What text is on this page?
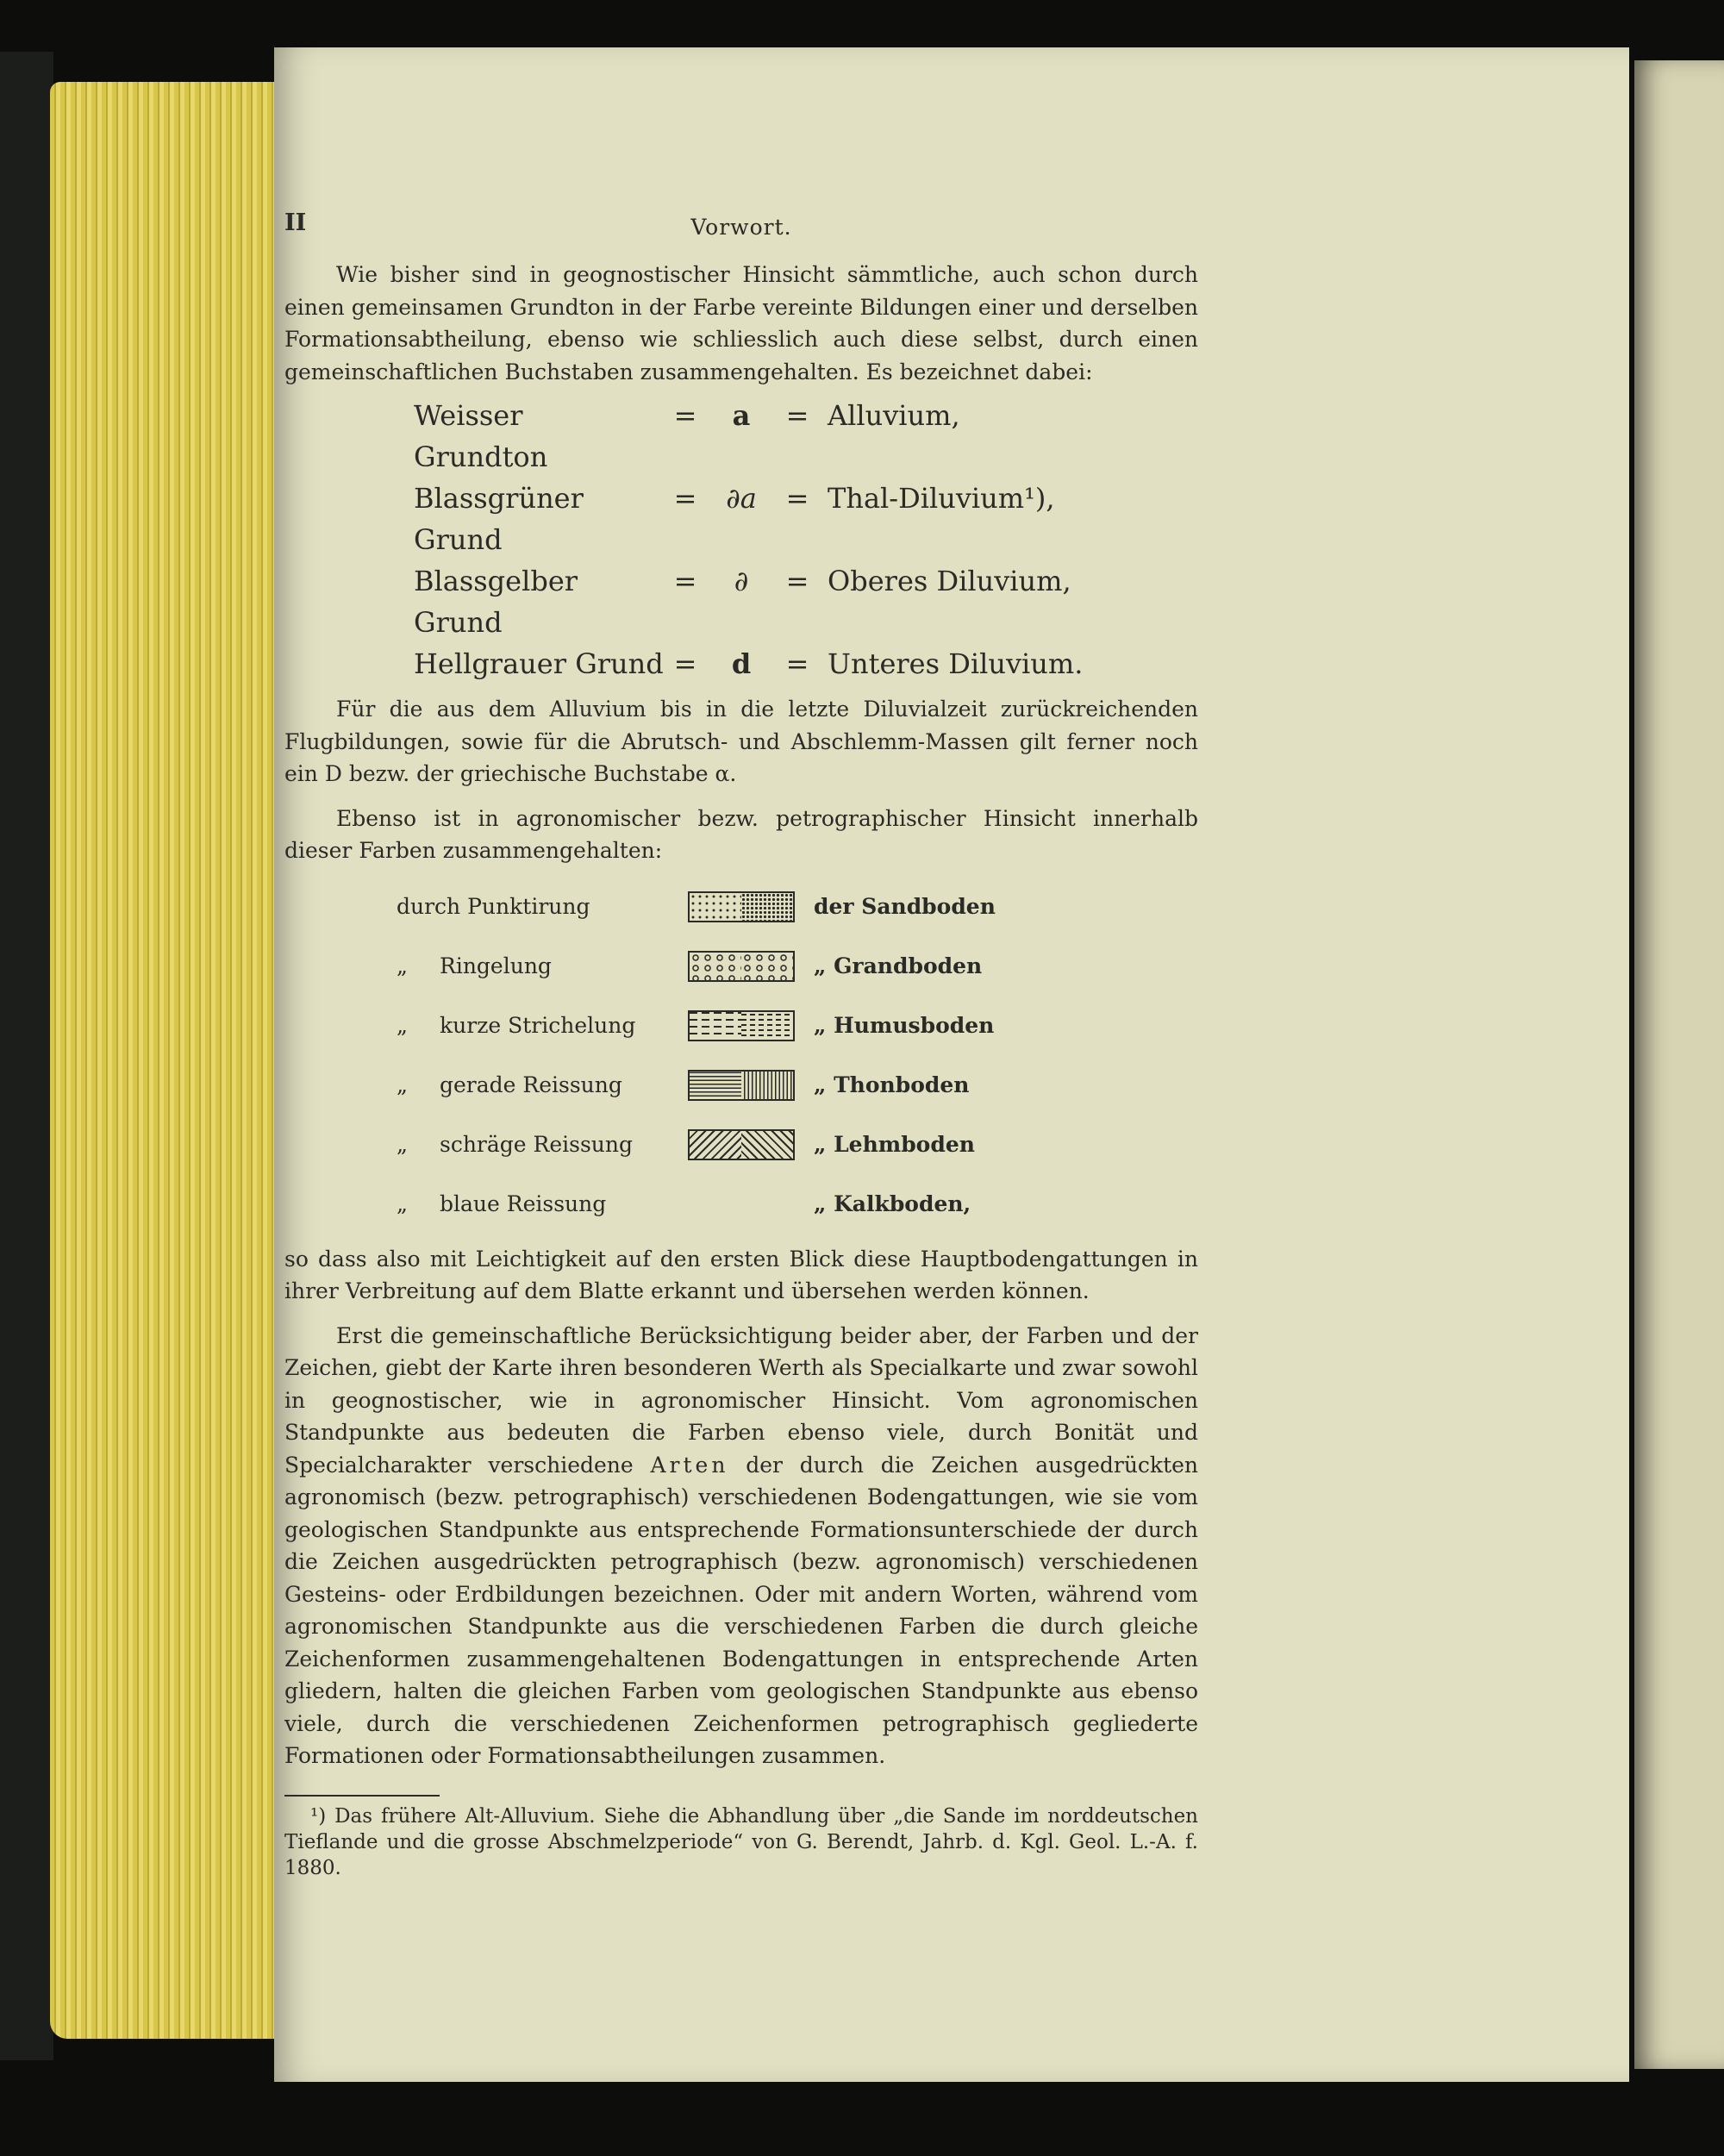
II	Vorwort.

Wie bisher sind in geognostischer Hinsicht sämmtliche, auch schon durch einen gemeinsamen Grundton in der Farbe vereinte Bildungen einer und derselben Formationsabtheilung, ebenso wie schliesslich auch diese selbst, durch einen gemeinschaftlichen Buchstaben zusammengehalten. Es bezeichnet dabei:

Weisser Grundton
=	a	= Alluvium,
Blassgrüner Grund
=	∂a	= Thal-Diluvium¹),
Blassgelber Grund
=	∂	= Oberes Diluvium,
Hellgrauer Grund =	d	= Unteres Diluvium.

Für die aus dem Alluvium bis in die letzte Diluvialzeit zurückreichenden Flugbildungen, sowie für die Abrutsch- und Abschlemm-Massen gilt ferner noch ein D bezw. der griechische Buchstabe α.

Ebenso ist in agronomischer bezw. petrographischer Hinsicht innerhalb dieser Farben zusammengehalten:

durch Punktirung	der Sandboden
„	Ringelung	„ Grandboden
„	kurze Strichelung	„ Humusboden
„	gerade Reissung	„ Thonboden
„	schräge Reissung	„ Lehmboden
„	blaue Reissung	„ Kalkboden,

so dass also mit Leichtigkeit auf den ersten Blick diese Hauptbodengattungen in ihrer Verbreitung auf dem Blatte erkannt und übersehen werden können.

Erst die gemeinschaftliche Berücksichtigung beider aber, der Farben und der Zeichen, giebt der Karte ihren besonderen Werth als Specialkarte und zwar sowohl in geognostischer, wie in agronomischer Hinsicht. Vom agronomischen Standpunkte aus bedeuten die Farben ebenso viele, durch Bonität und Specialcharakter verschiedene Arten der durch die Zeichen ausgedrückten agronomisch (bezw. petrographisch) verschiedenen Bodengattungen, wie sie vom geologischen Standpunkte aus entsprechende Formationsunterschiede der durch die Zeichen ausgedrückten petrographisch (bezw. agronomisch) verschiedenen Gesteins- oder Erdbildungen bezeichnen. Oder mit andern Worten, während vom agronomischen Standpunkte aus die verschiedenen Farben die durch gleiche Zeichenformen zusammengehaltenen Bodengattungen in entsprechende Arten gliedern, halten die gleichen Farben vom geologischen Standpunkte aus ebenso viele, durch die verschiedenen Zeichenformen petrographisch gegliederte Formationen oder Formationsabtheilungen zusammen.

¹) Das frühere Alt-Alluvium. Siehe die Abhandlung über „die Sande im norddeutschen Tieflande und die grosse Abschmelzperiode“ von G. Berendt, Jahrb. d. Kgl. Geol. L.-A. f. 1880.
